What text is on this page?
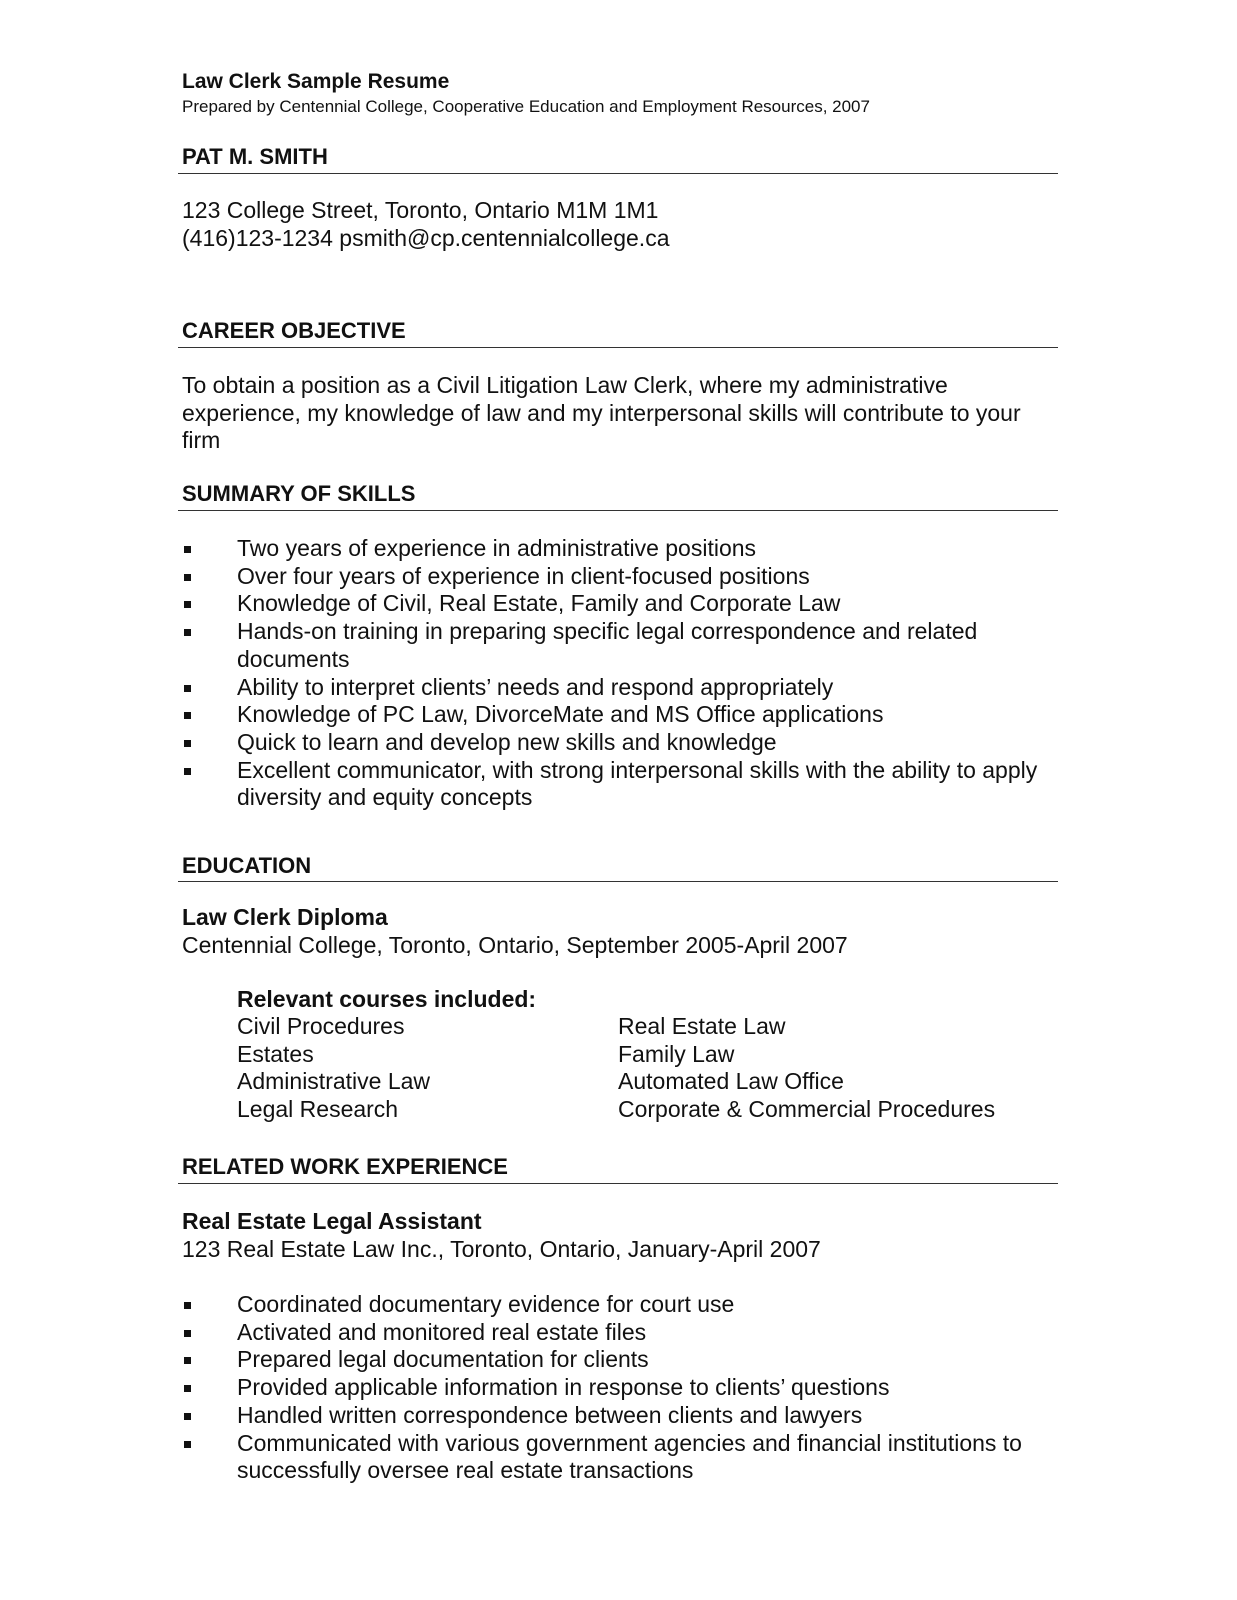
Law Clerk Sample Resume
Prepared by Centennial College, Cooperative Education and Employment Resources, 2007
PAT M. SMITH
123 College Street, Toronto, Ontario M1M 1M1
(416)123-1234 psmith@cp.centennialcollege.ca
CAREER OBJECTIVE
To obtain a position as a Civil Litigation Law Clerk, where my administrative experience, my knowledge of law and my interpersonal skills will contribute to your firm
SUMMARY OF SKILLS
Two years of experience in administrative positions
Over four years of experience in client-focused positions
Knowledge of Civil, Real Estate, Family and Corporate Law
Hands-on training in preparing specific legal correspondence and related documents
Ability to interpret clients’ needs and respond appropriately
Knowledge of PC Law, DivorceMate and MS Office applications
Quick to learn and develop new skills and knowledge
Excellent communicator, with strong interpersonal skills with the ability to apply diversity and equity concepts
EDUCATION
Law Clerk Diploma
Centennial College, Toronto, Ontario, September 2005-April 2007
Relevant courses included:
Civil Procedures
Estates
Administrative Law
Legal Research
Real Estate Law
Family Law
Automated Law Office
Corporate & Commercial Procedures
RELATED WORK EXPERIENCE
Real Estate Legal Assistant
123 Real Estate Law Inc., Toronto, Ontario, January-April 2007
Coordinated documentary evidence for court use
Activated and monitored real estate files
Prepared legal documentation for clients
Provided applicable information in response to clients’ questions
Handled written correspondence between clients and lawyers
Communicated with various government agencies and financial institutions to successfully oversee real estate transactions
